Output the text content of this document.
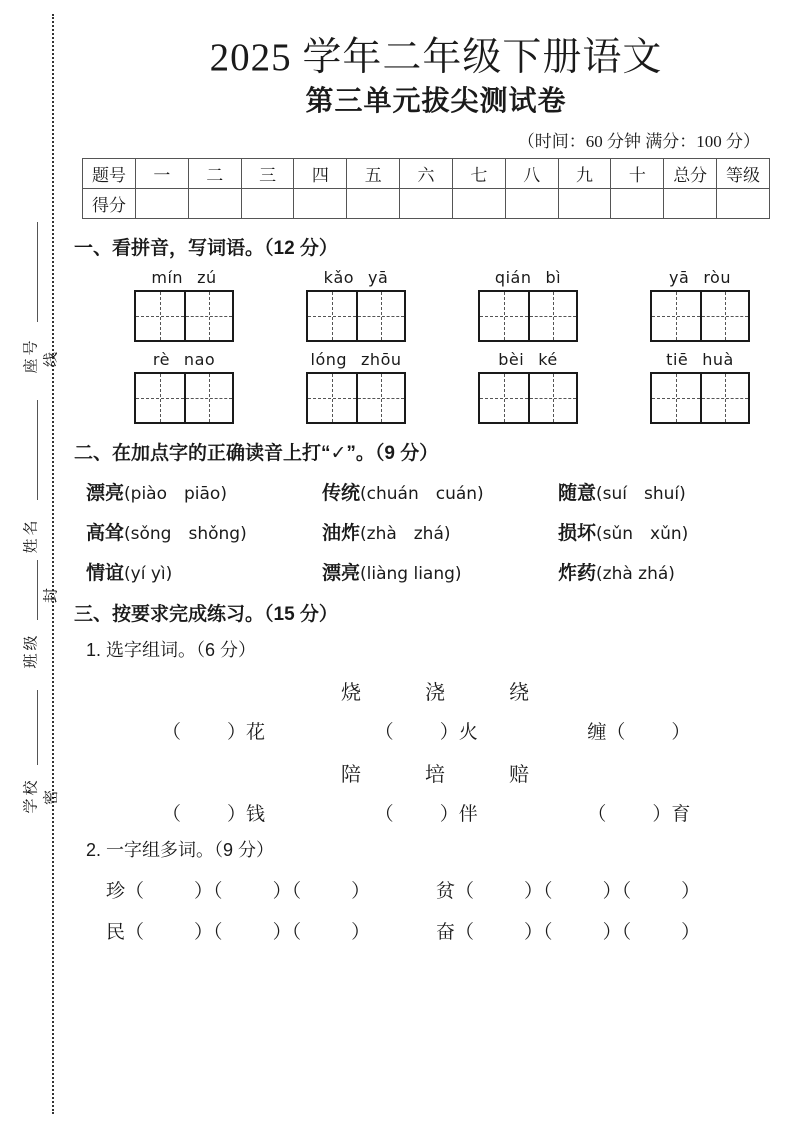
座号
姓名
班级
学校
线
封
密
2025 学年二年级下册语文
第三单元拔尖测试卷
（时间：60 分钟 满分：100 分）
题号	一	二	三	四	五	六	七	八	九	十	总分	等级
得分												
一、看拼音，写词语。（12 分）
mín zú	kǎo yā	qián bì	yā ròu
rè nao	lóng zhōu	bèi ké	tiē huà
二、在加点字的正确读音上打“✓”。（9 分）
漂亮(piào　piāo)	传统(chuán　cuán)	随意(suí　shuí)
高耸(sǒng　shǒng)	油炸(zhà　zhá)	损坏(sǔn　xǔn)
情谊(yí yì)	漂亮(liàng liang)	炸药(zhà zhá)
三、按要求完成练习。（15 分）
1. 选字组词。（6 分）
烧　浇　绕
（ ）花	（ ）火	缠（ ）
陪　培　赔
（ ）钱	（ ）伴	（ ）育
2. 一字组多词。（9 分）
珍（	）（	）（	）	贫（	）（	）（	）
民（	）（	）（	）	奋（	）（	）（	）
